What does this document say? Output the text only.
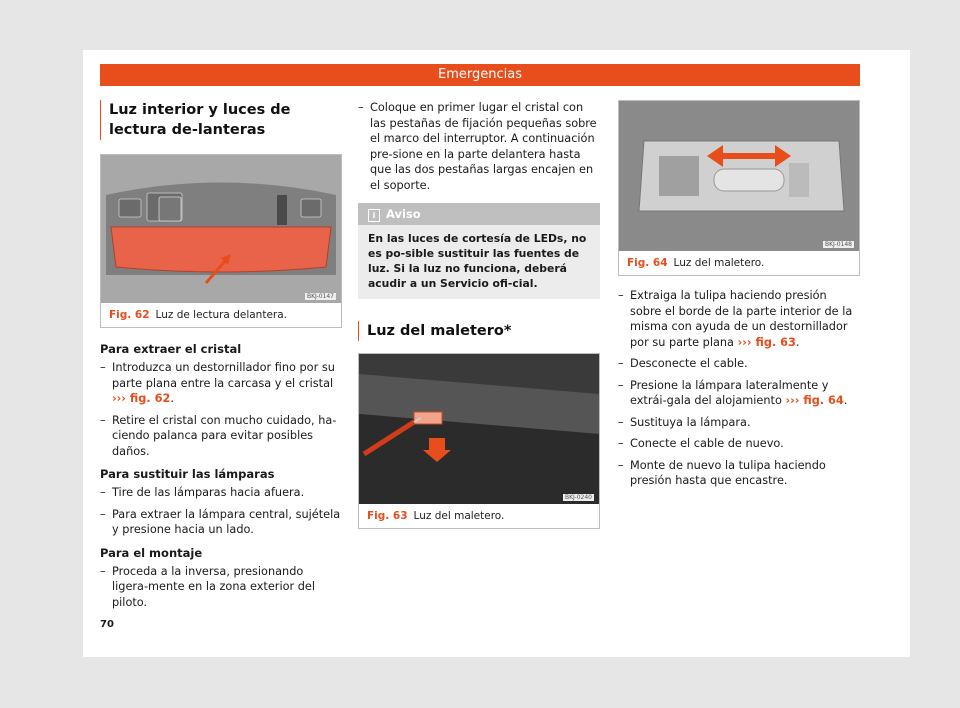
Emergencias
Luz interior y luces de lectura de-lanteras
BKJ-0147
Fig. 62 Luz de lectura delantera.
Para extraer el cristal
– Introduzca un destornillador fino por su parte plana entre la carcasa y el cristal ››› fig. 62.
– Retire el cristal con mucho cuidado, ha-ciendo palanca para evitar posibles daños.
Para sustituir las lámparas
– Tire de las lámparas hacia afuera.
– Para extraer la lámpara central, sujétela y presione hacia un lado.
Para el montaje
– Proceda a la inversa, presionando ligera-mente en la zona exterior del piloto.
– Coloque en primer lugar el cristal con las pestañas de fijación pequeñas sobre el marco del interruptor. A continuación pre-sione en la parte delantera hasta que las dos pestañas largas encajen en el soporte.
i Aviso
En las luces de cortesía de LEDs, no es po-sible sustituir las fuentes de luz. Si la luz no funciona, deberá acudir a un Servicio ofi-cial.
Luz del maletero*
BKJ-0240
Fig. 63 Luz del maletero.
BKJ-0148
Fig. 64 Luz del maletero.
– Extraiga la tulipa haciendo presión sobre el borde de la parte interior de la misma con ayuda de un destornillador por su parte plana ››› fig. 63.
– Desconecte el cable.
– Presione la lámpara lateralmente y extrái-gala del alojamiento ››› fig. 64.
– Sustituya la lámpara.
– Conecte el cable de nuevo.
– Monte de nuevo la tulipa haciendo presión hasta que encastre.
70
